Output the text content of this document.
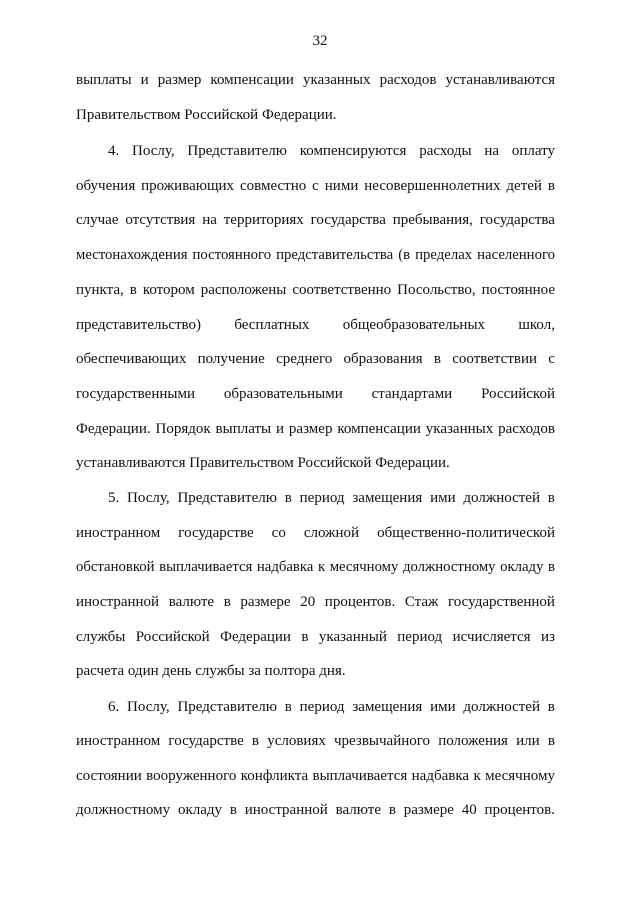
32
выплаты и размер компенсации указанных расходов устанавливаются
Правительством Российской Федерации.
4. Послу, Представителю компенсируются расходы на оплату
обучения проживающих совместно с ними несовершеннолетних детей в
случае отсутствия на территориях государства пребывания, государства
местонахождения постоянного представительства (в пределах населенного
пункта, в котором расположены соответственно Посольство, постоянное
представительство) бесплатных общеобразовательных школ,
обеспечивающих получение среднего образования в соответствии с
государственными образовательными стандартами Российской
Федерации. Порядок выплаты и размер компенсации указанных расходов
устанавливаются Правительством Российской Федерации.
5. Послу, Представителю в период замещения ими должностей в
иностранном государстве со сложной общественно-политической
обстановкой выплачивается надбавка к месячному должностному окладу в
иностранной валюте в размере 20 процентов. Стаж государственной
службы Российской Федерации в указанный период исчисляется из
расчета один день службы за полтора дня.
6. Послу, Представителю в период замещения ими должностей в
иностранном государстве в условиях чрезвычайного положения или в
состоянии вооруженного конфликта выплачивается надбавка к месячному
должностному окладу в иностранной валюте в размере 40 процентов.
